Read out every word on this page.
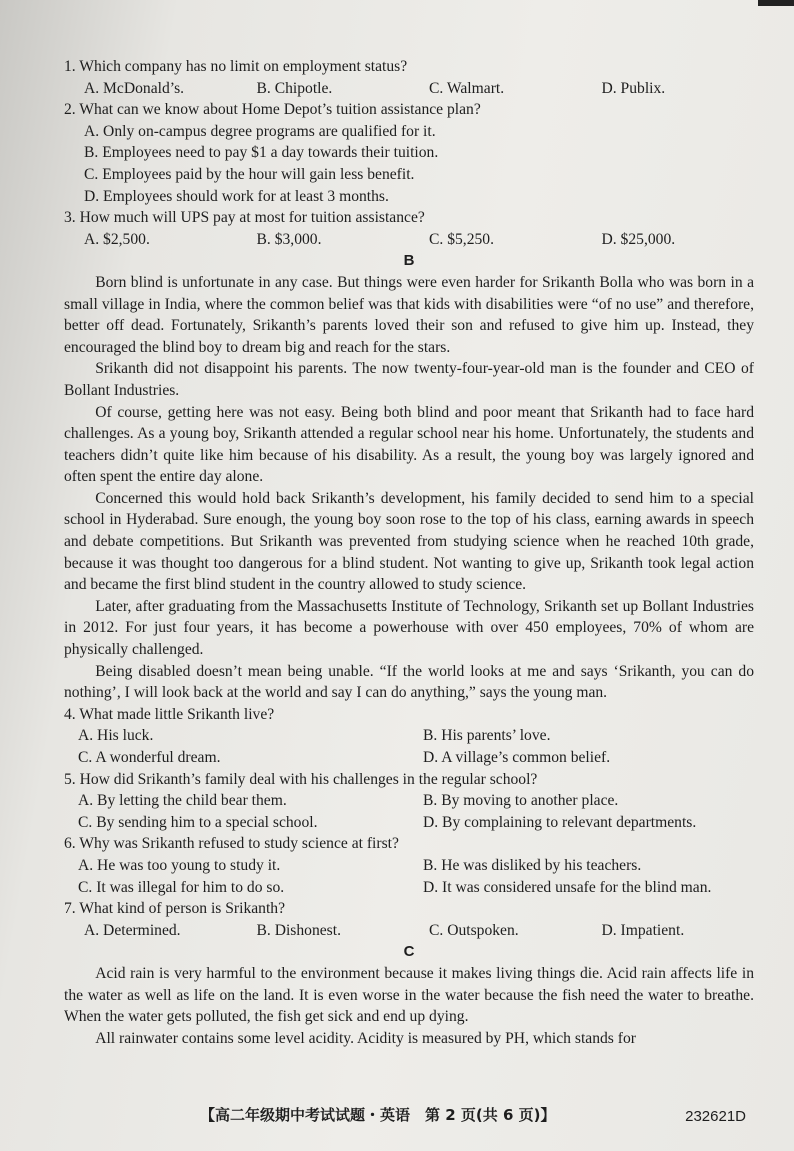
1. Which company has no limit on employment status?

A. McDonald’s.	B. Chipotle.	C. Walmart.	D. Publix.

2. What can we know about Home Depot’s tuition assistance plan?

A. Only on-campus degree programs are qualified for it.

B. Employees need to pay $1 a day towards their tuition.

C. Employees paid by the hour will gain less benefit.

D. Employees should work for at least 3 months.

3. How much will UPS pay at most for tuition assistance?

A. $2,500.	B. $3,000.	C. $5,250.	D. $25,000.

B

Born blind is unfortunate in any case. But things were even harder for Srikanth Bolla who was born in a small village in India, where the common belief was that kids with disabilities were “of no use” and therefore, better off dead. Fortunately, Srikanth’s parents loved their son and refused to give him up. Instead, they encouraged the blind boy to dream big and reach for the stars.

Srikanth did not disappoint his parents. The now twenty-four-year-old man is the founder and CEO of Bollant Industries.

Of course, getting here was not easy. Being both blind and poor meant that Srikanth had to face hard challenges. As a young boy, Srikanth attended a regular school near his home. Unfortunately, the students and teachers didn’t quite like him because of his disability. As a result, the young boy was largely ignored and often spent the entire day alone.

Concerned this would hold back Srikanth’s development, his family decided to send him to a special school in Hyderabad. Sure enough, the young boy soon rose to the top of his class, earning awards in speech and debate competitions. But Srikanth was prevented from studying science when he reached 10th grade, because it was thought too dangerous for a blind student. Not wanting to give up, Srikanth took legal action and became the first blind student in the country allowed to study science.

Later, after graduating from the Massachusetts Institute of Technology, Srikanth set up Bollant Industries in 2012. For just four years, it has become a powerhouse with over 450 employees, 70% of whom are physically challenged.

Being disabled doesn’t mean being unable. “If the world looks at me and says ‘Srikanth, you can do nothing’, I will look back at the world and say I can do anything,” says the young man.

4. What made little Srikanth live?

A. His luck.	B. His parents’ love.
C. A wonderful dream.	D. A village’s common belief.

5. How did Srikanth’s family deal with his challenges in the regular school?

A. By letting the child bear them.	B. By moving to another place.
C. By sending him to a special school.	D. By complaining to relevant departments.

6. Why was Srikanth refused to study science at first?

A. He was too young to study it.	B. He was disliked by his teachers.
C. It was illegal for him to do so.	D. It was considered unsafe for the blind man.

7. What kind of person is Srikanth?

A. Determined.	B. Dishonest.	C. Outspoken.	D. Impatient.

C

Acid rain is very harmful to the environment because it makes living things die. Acid rain affects life in the water as well as life on the land. It is even worse in the water because the fish need the water to breathe. When the water gets polluted, the fish get sick and end up dying.

All rainwater contains some level acidity. Acidity is measured by PH, which stands for

【高二年级期中考试试题・英语　第 2 页(共 6 页)】	232621D
